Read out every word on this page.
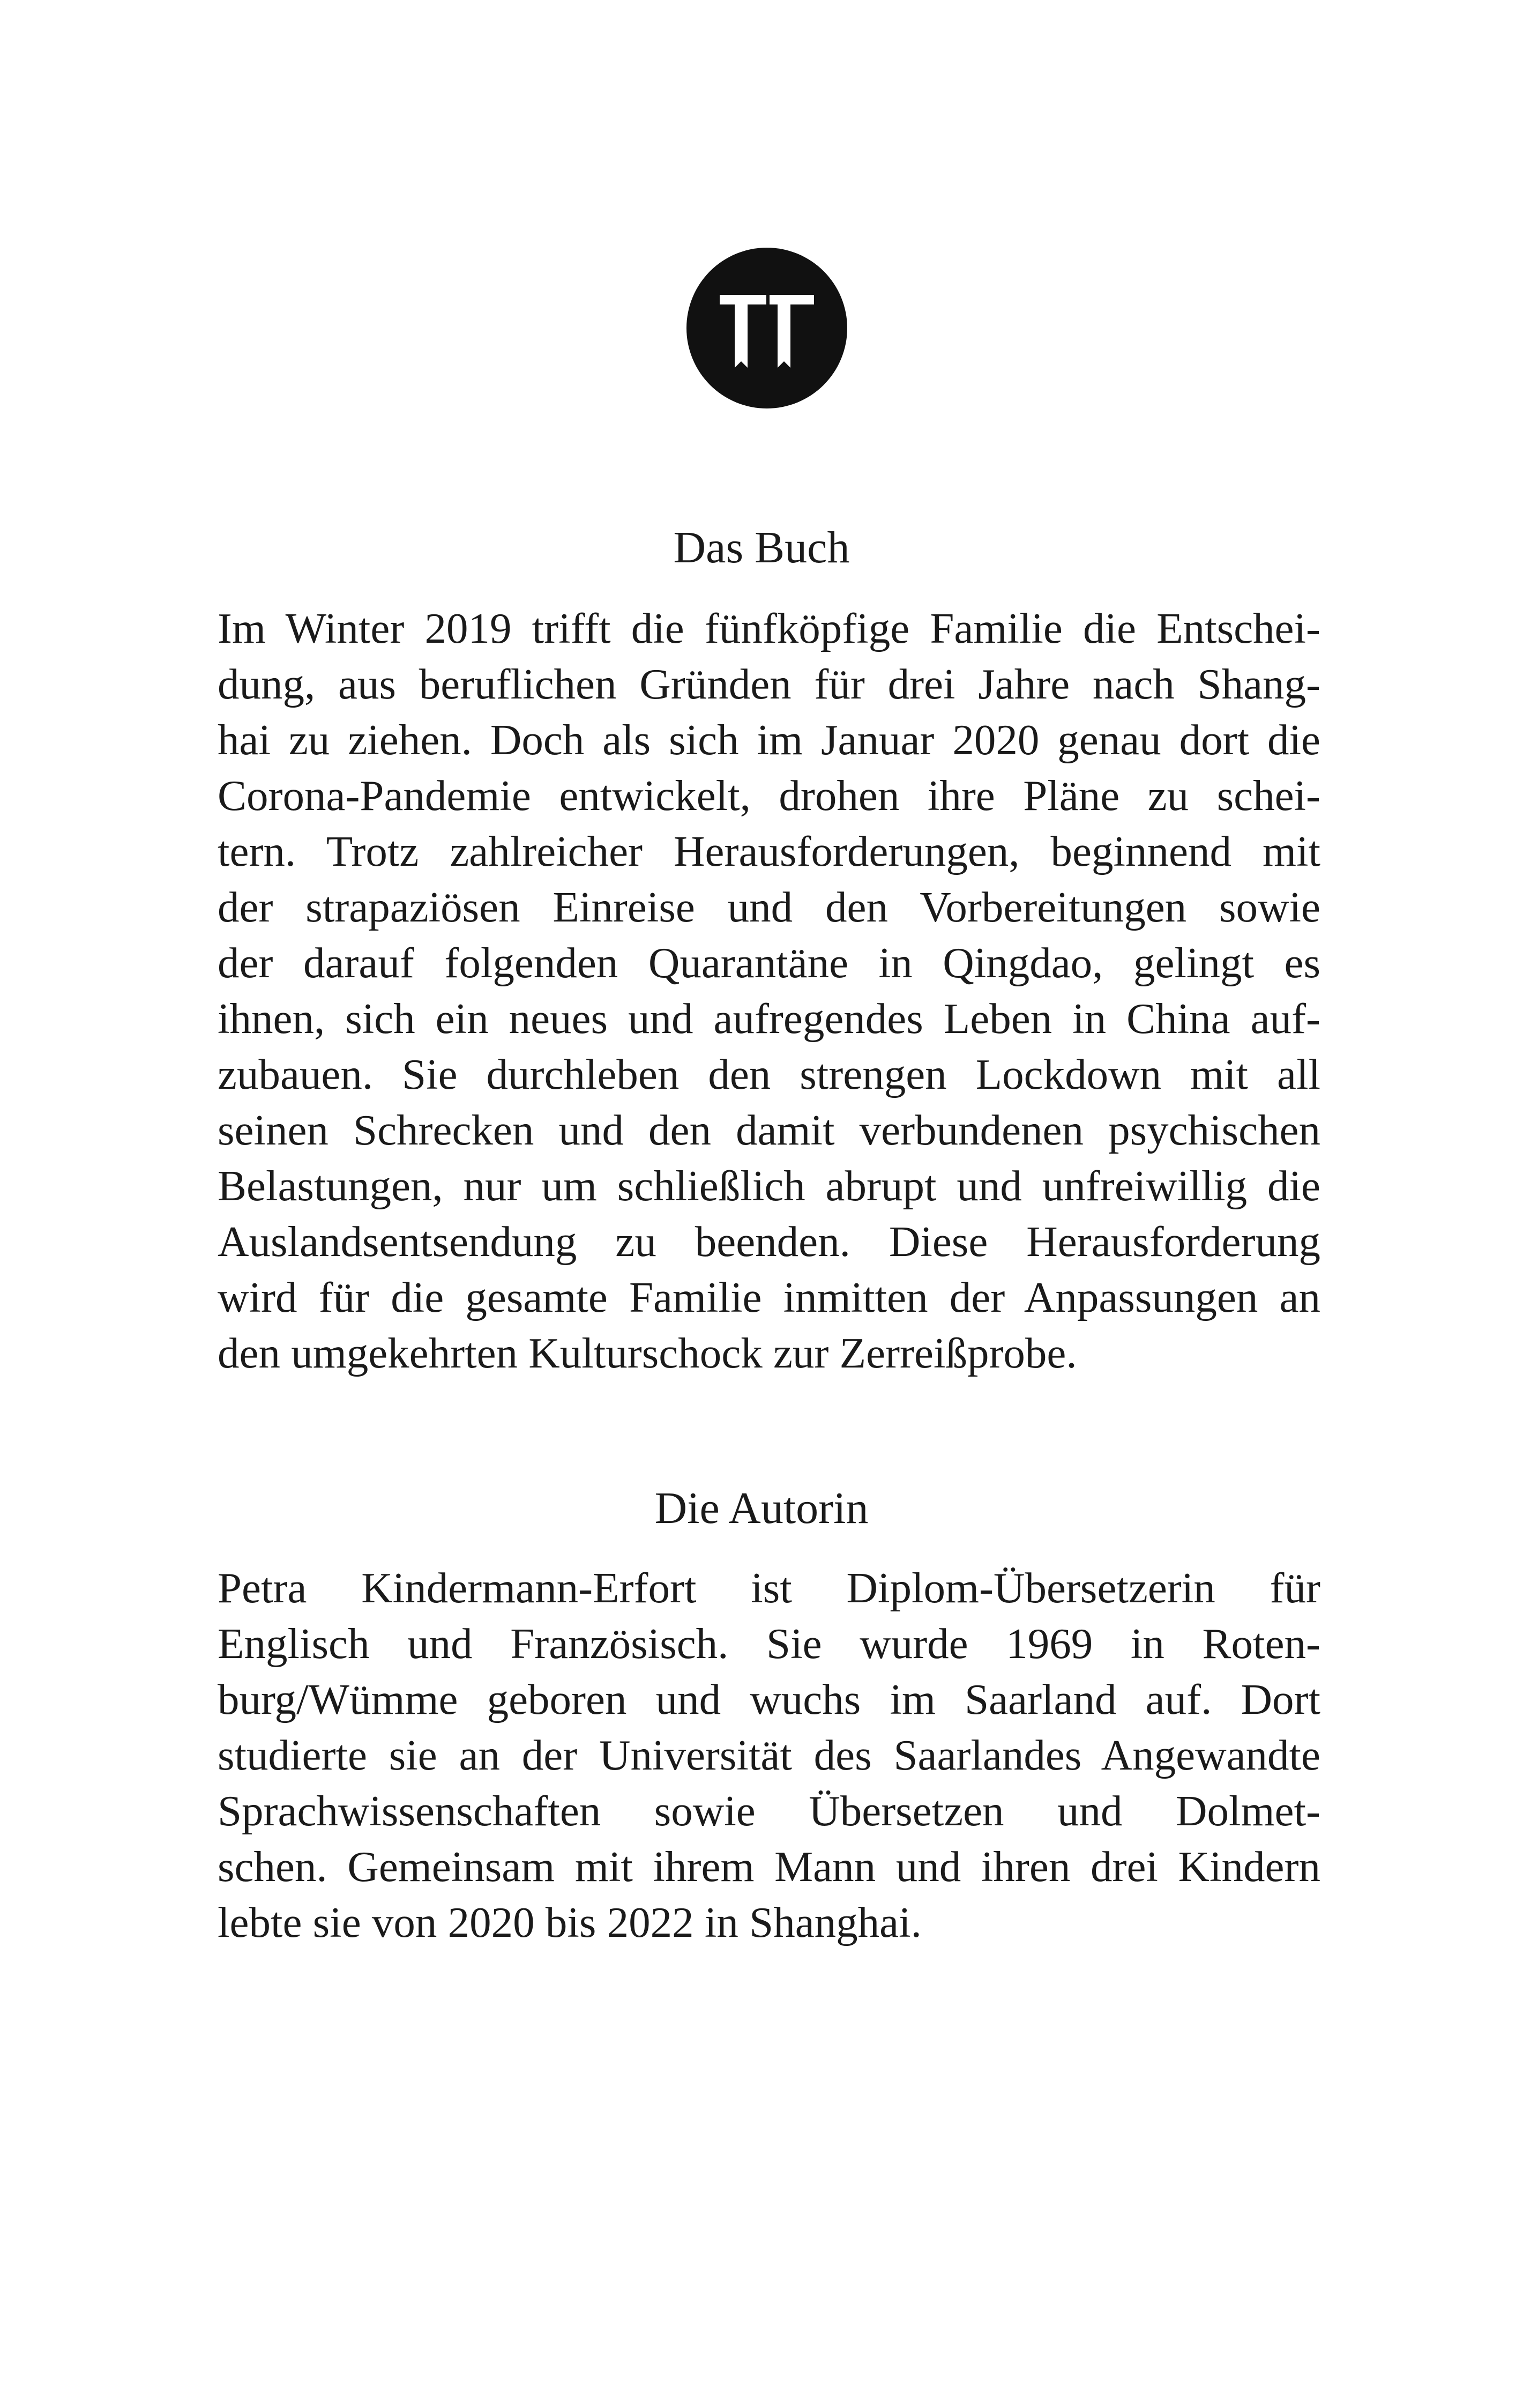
Das Buch
Im Winter 2019 trifft die fünfköpfige Familie die Entschei-
dung, aus beruflichen Gründen für drei Jahre nach Shang-
hai zu ziehen. Doch als sich im Januar 2020 genau dort die
Corona-Pandemie entwickelt, drohen ihre Pläne zu schei-
tern. Trotz zahlreicher Herausforderungen, beginnend mit
der strapaziösen Einreise und den Vorbereitungen sowie
der darauf folgenden Quarantäne in Qingdao, gelingt es
ihnen, sich ein neues und aufregendes Leben in China auf-
zubauen. Sie durchleben den strengen Lockdown mit all
seinen Schrecken und den damit verbundenen psychischen
Belastungen, nur um schließlich abrupt und unfreiwillig die
Auslandsentsendung zu beenden. Diese Herausforderung
wird für die gesamte Familie inmitten der Anpassungen an
den umgekehrten Kulturschock zur Zerreißprobe.
Die Autorin
Petra Kindermann-Erfort ist Diplom-Übersetzerin für
Englisch und Französisch. Sie wurde 1969 in Roten-
burg/Wümme geboren und wuchs im Saarland auf. Dort
studierte sie an der Universität des Saarlandes Angewandte
Sprachwissenschaften sowie Übersetzen und Dolmet-
schen. Gemeinsam mit ihrem Mann und ihren drei Kindern
lebte sie von 2020 bis 2022 in Shanghai.
